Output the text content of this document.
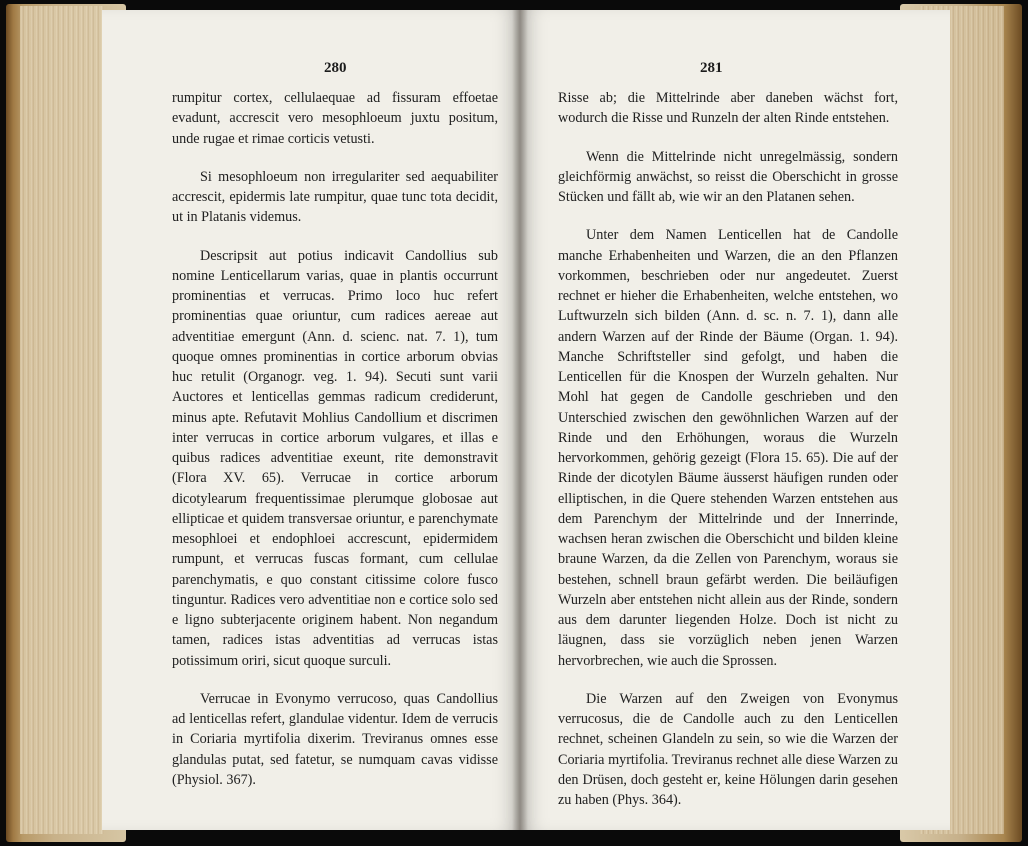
280

rumpitur cortex, cellulaequae ad fissuram effoetae evadunt, accrescit vero mesophloeum juxtu positum, unde rugae et rimae corticis vetusti.

Si mesophloeum non irregulariter sed aequabiliter accrescit, epidermis late rumpitur, quae tunc tota decidit, ut in Platanis videmus.

Descripsit aut potius indicavit Candollius sub nomine Lenticellarum varias, quae in plantis occurrunt prominentias et verrucas. Primo loco huc refert prominentias quae oriuntur, cum radices aereae aut adventitiae emergunt (Ann. d. scienc. nat. 7. 1), tum quoque omnes prominentias in cortice arborum obvias huc retulit (Organogr. veg. 1. 94). Secuti sunt varii Auctores et lenticellas gemmas radicum crediderunt, minus apte. Refutavit Mohlius Candollium et discrimen inter verrucas in cortice arborum vulgares, et illas e quibus radices adventitiae exeunt, rite demonstravit (Flora XV. 65). Verrucae in cortice arborum dicotylearum frequentissimae plerumque globosae aut ellipticae et quidem transversae oriuntur, e parenchymate mesophloei et endophloei accrescunt, epidermidem rumpunt, et verrucas fuscas formant, cum cellulae parenchymatis, e quo constant citissime colore fusco tinguntur. Radices vero adventitiae non e cortice solo sed e ligno subterjacente originem habent. Non negandum tamen, radices istas adventitias ad verrucas istas potissimum oriri, sicut quoque surculi.

Verrucae in Evonymo verrucoso, quas Candollius ad lenticellas refert, glandulae videntur. Idem de verrucis in Coriaria myrtifolia dixerim. Treviranus omnes esse glandulas putat, sed fatetur, se numquam cavas vidisse (Physiol. 367).

281

Risse ab; die Mittelrinde aber daneben wächst fort, wodurch die Risse und Runzeln der alten Rinde entstehen.

Wenn die Mittelrinde nicht unregelmässig, sondern gleichförmig anwächst, so reisst die Oberschicht in grosse Stücken und fällt ab, wie wir an den Platanen sehen.

Unter dem Namen Lenticellen hat de Candolle manche Erhabenheiten und Warzen, die an den Pflanzen vorkommen, beschrieben oder nur angedeutet. Zuerst rechnet er hieher die Erhabenheiten, welche entstehen, wo Luftwurzeln sich bilden (Ann. d. sc. n. 7. 1), dann alle andern Warzen auf der Rinde der Bäume (Organ. 1. 94). Manche Schriftsteller sind gefolgt, und haben die Lenticellen für die Knospen der Wurzeln gehalten. Nur Mohl hat gegen de Candolle geschrieben und den Unterschied zwischen den gewöhnlichen Warzen auf der Rinde und den Erhöhungen, woraus die Wurzeln hervorkommen, gehörig gezeigt (Flora 15. 65). Die auf der Rinde der dicotylen Bäume äusserst häufigen runden oder elliptischen, in die Quere stehenden Warzen entstehen aus dem Parenchym der Mittelrinde und der Innerrinde, wachsen heran zwischen die Oberschicht und bilden kleine braune Warzen, da die Zellen von Parenchym, woraus sie bestehen, schnell braun gefärbt werden. Die beiläufigen Wurzeln aber entstehen nicht allein aus der Rinde, sondern aus dem darunter liegenden Holze. Doch ist nicht zu läugnen, dass sie vorzüglich neben jenen Warzen hervorbrechen, wie auch die Sprossen.

Die Warzen auf den Zweigen von Evonymus verrucosus, die de Candolle auch zu den Lenticellen rechnet, scheinen Glandeln zu sein, so wie die Warzen der Coriaria myrtifolia. Treviranus rechnet alle diese Warzen zu den Drüsen, doch gesteht er, keine Hölungen darin gesehen zu haben (Phys. 364).
